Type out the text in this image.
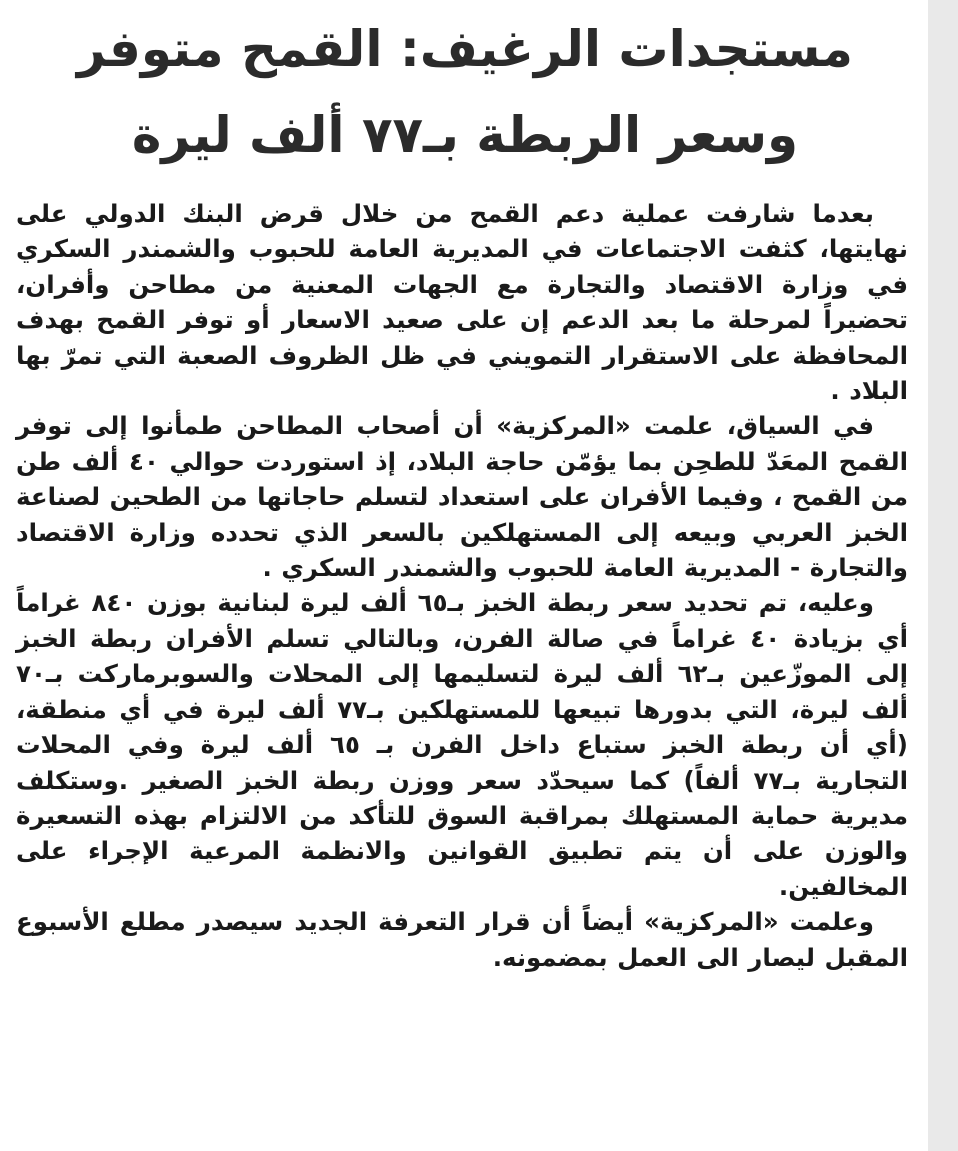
مستجدات الرغيف: القمح متوفر
وسعر الربطة بـ٧٧ ألف ليرة

بعدما شارفت عملية دعم القمح من خلال قرض البنك الدولي على نهايتها، كثفت الاجتماعات في المديرية العامة للحبوب والشمندر السكري في وزارة الاقتصاد والتجارة مع الجهات المعنية من مطاحن وأفران، تحضيراً لمرحلة ما بعد الدعم إن على صعيد الاسعار أو توفر القمح بهدف المحافظة على الاستقرار التمويني في ظل الظروف الصعبة التي تمرّ بها البلاد .

في السياق، علمت «المركزية» أن أصحاب المطاحن طمأنوا إلى توفر القمح المعَدّ للطحِن بما يؤمّن حاجة البلاد، إذ استوردت حوالي ٤٠ ألف طن من القمح ، وفيما الأفران على استعداد لتسلم حاجاتها من الطحين لصناعة الخبز العربي وبيعه إلى المستهلكين بالسعر الذي تحدده وزارة الاقتصاد والتجارة - المديرية العامة للحبوب والشمندر السكري .

وعليه، تم تحديد سعر ربطة الخبز بـ٦٥ ألف ليرة لبنانية بوزن ٨٤٠ غراماً أي بزيادة ٤٠ غراماً في صالة الفرن، وبالتالي تسلم الأفران ربطة الخبز إلى الموزّعين بـ٦٢ ألف ليرة لتسليمها إلى المحلات والسوبرماركت بـ٧٠ ألف ليرة، التي بدورها تبيعها للمستهلكين بـ٧٧ ألف ليرة في أي منطقة، (أي أن ربطة الخبز ستباع داخل الفرن بـ ٦٥ ألف ليرة وفي المحلات التجارية بـ٧٧ ألفاً) كما سيحدّد سعر ووزن ربطة الخبز الصغير .وستكلف مديرية حماية المستهلك بمراقبة السوق للتأكد من الالتزام بهذه التسعيرة والوزن على أن يتم تطبيق القوانين والانظمة المرعية الإجراء على المخالفين.

وعلمت «المركزية» أيضاً أن قرار التعرفة الجديد سيصدر مطلع الأسبوع المقبل ليصار الى العمل بمضمونه.
